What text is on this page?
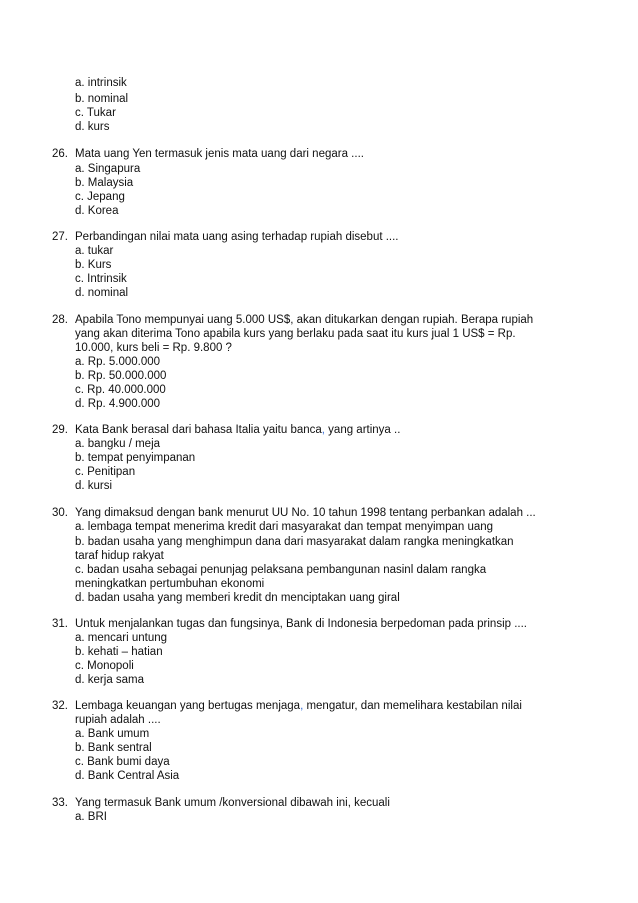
a. intrinsik
b. nominal
c. Tukar
d. kurs
26. Mata uang Yen termasuk jenis mata uang dari negara ....
a. Singapura
b. Malaysia
c. Jepang
d. Korea
27. Perbandingan nilai mata uang asing terhadap rupiah disebut ....
a. tukar
b. Kurs
c. Intrinsik
d. nominal
28. Apabila Tono mempunyai uang 5.000 US$, akan ditukarkan dengan rupiah. Berapa rupiah
yang akan diterima Tono apabila kurs yang berlaku pada saat itu kurs jual 1 US$ = Rp.
10.000, kurs beli = Rp. 9.800 ?
a. Rp. 5.000.000
b. Rp. 50.000.000
c. Rp. 40.000.000
d. Rp. 4.900.000
29. Kata Bank berasal dari bahasa Italia yaitu banca, yang artinya ..
a. bangku / meja
b. tempat penyimpanan
c. Penitipan
d. kursi
30. Yang dimaksud dengan bank menurut UU No. 10 tahun 1998 tentang perbankan adalah ...
a. lembaga tempat menerima kredit dari masyarakat dan tempat menyimpan uang
b. badan usaha yang menghimpun dana dari masyarakat dalam rangka meningkatkan
taraf hidup rakyat
c. badan usaha sebagai penunjag pelaksana pembangunan nasinl dalam rangka
meningkatkan pertumbuhan ekonomi
d. badan usaha yang memberi kredit dn menciptakan uang giral
31. Untuk menjalankan tugas dan fungsinya, Bank di Indonesia berpedoman pada prinsip ....
a. mencari untung
b. kehati – hatian
c. Monopoli
d. kerja sama
32. Lembaga keuangan yang bertugas menjaga, mengatur, dan memelihara kestabilan nilai
rupiah adalah ....
a. Bank umum
b. Bank sentral
c. Bank bumi daya
d. Bank Central Asia
33. Yang termasuk Bank umum /konversional dibawah ini, kecuali
a. BRI
